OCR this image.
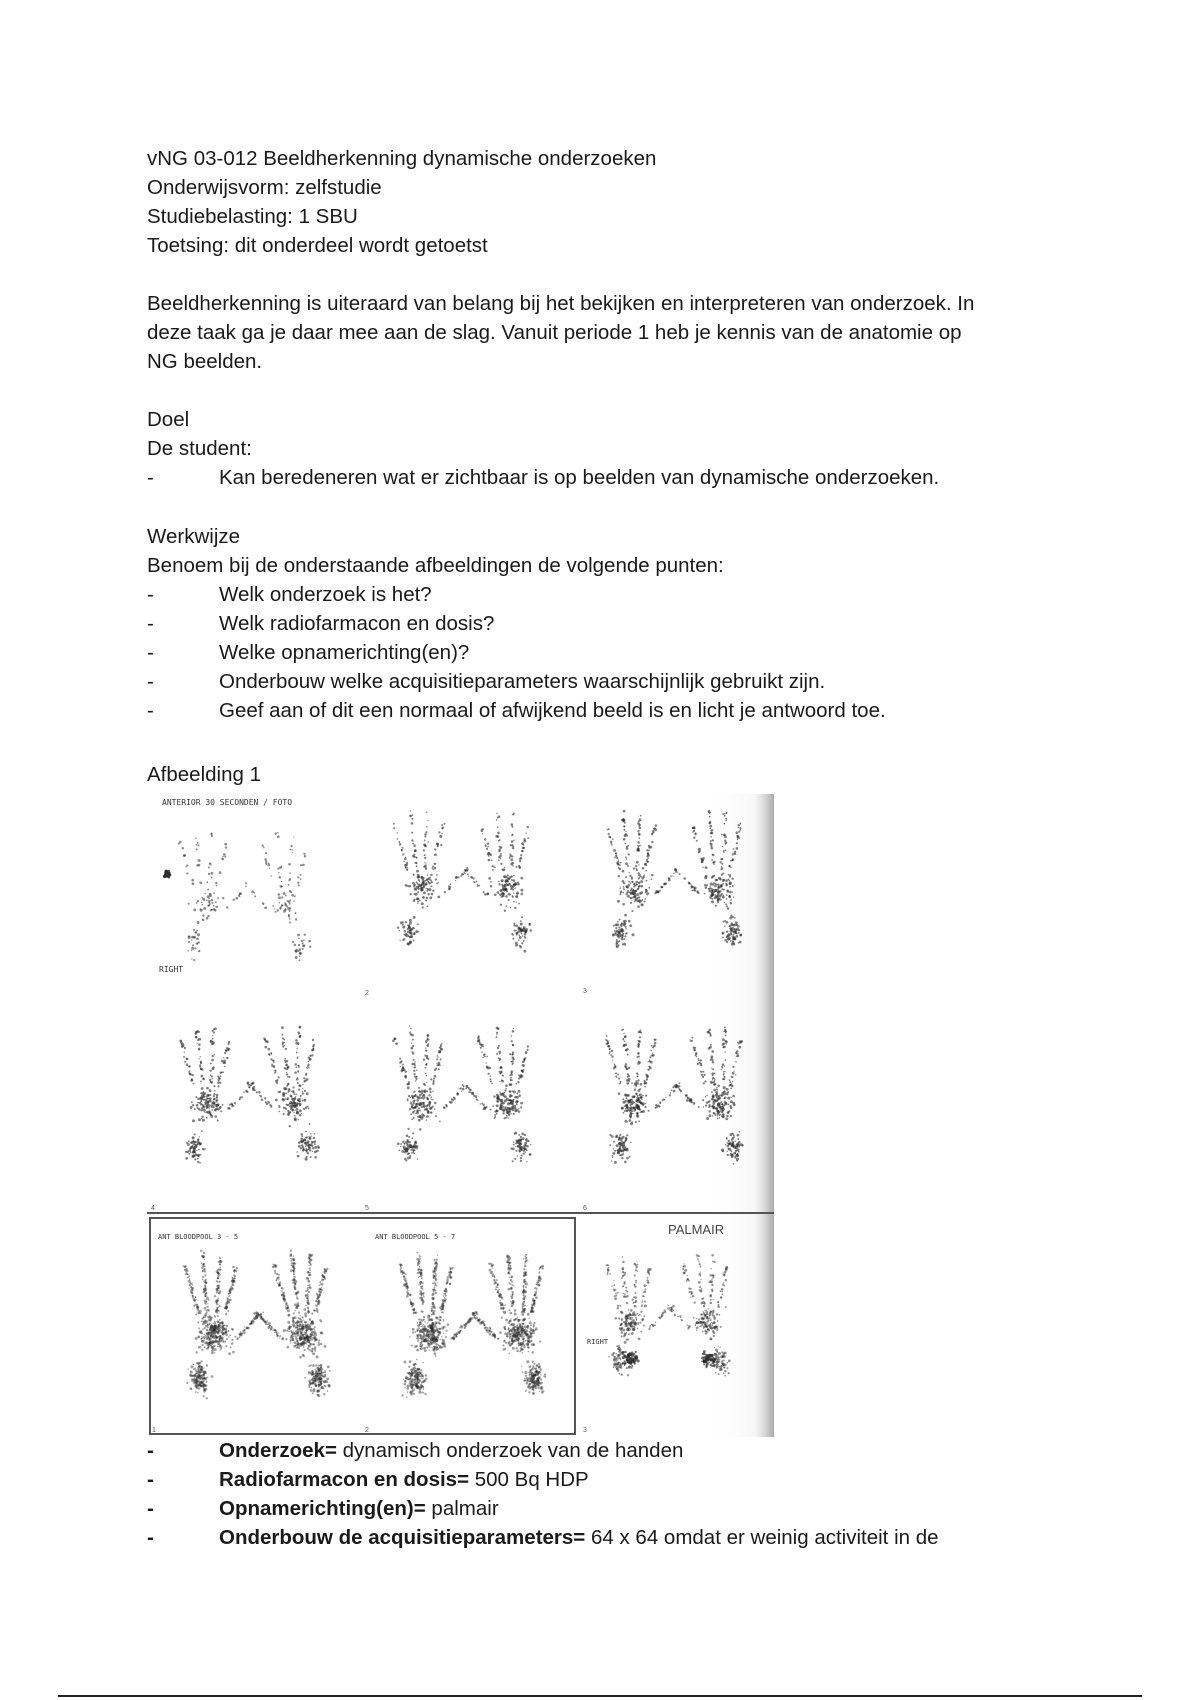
vNG 03-012 Beeldherkenning dynamische onderzoeken
Onderwijsvorm: zelfstudie
Studiebelasting: 1 SBU
Toetsing: dit onderdeel wordt getoetst
Beeldherkenning is uiteraard van belang bij het bekijken en interpreteren van onderzoek. In
deze taak ga je daar mee aan de slag. Vanuit periode 1 heb je kennis van de anatomie op
NG beelden.
Doel
De student:
-	Kan beredeneren wat er zichtbaar is op beelden van dynamische onderzoeken.
Werkwijze
Benoem bij de onderstaande afbeeldingen de volgende punten:
-	Welk onderzoek is het?
-	Welk radiofarmacon en dosis?
-	Welke opnamerichting(en)?
-	Onderbouw welke acquisitieparameters waarschijnlijk gebruikt zijn.
-	Geef aan of dit een normaal of afwijkend beeld is en licht je antwoord toe.
Afbeelding 1
ANTERIOR 30 SECONDEN / FOTO
RIGHT
2	3
4	5	6
ANT BLOODPOOL 3 - 5	ANT BLOODPOOL 5 - 7	PALMAIR
RIGHT
1	2	3
-	Onderzoek= dynamisch onderzoek van de handen
-	Radiofarmacon en dosis= 500 Bq HDP
-	Opnamerichting(en)= palmair
-	Onderbouw de acquisitieparameters= 64 x 64 omdat er weinig activiteit in de
